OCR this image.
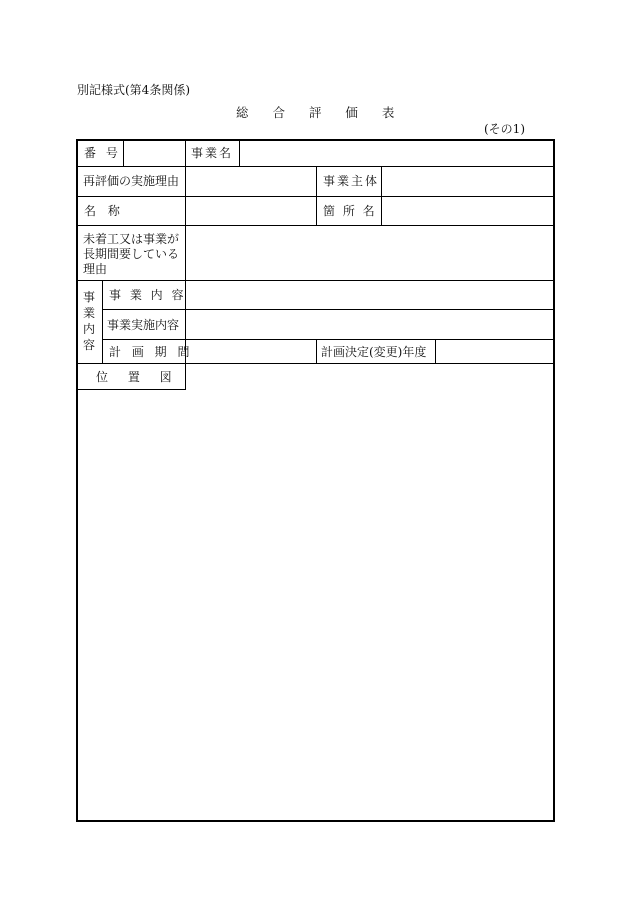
別記様式(第4条関係)
総 合 評 価 表
(その1)
番 号	事業名
再評価の実施理由	事業主体
名 称	箇 所 名
未着工又は事業が
長期間要している
理由
事
業
内
容
事 業 内 容
事業実施内容
計 画 期 間	計画決定(変更)年度
位 置 図
